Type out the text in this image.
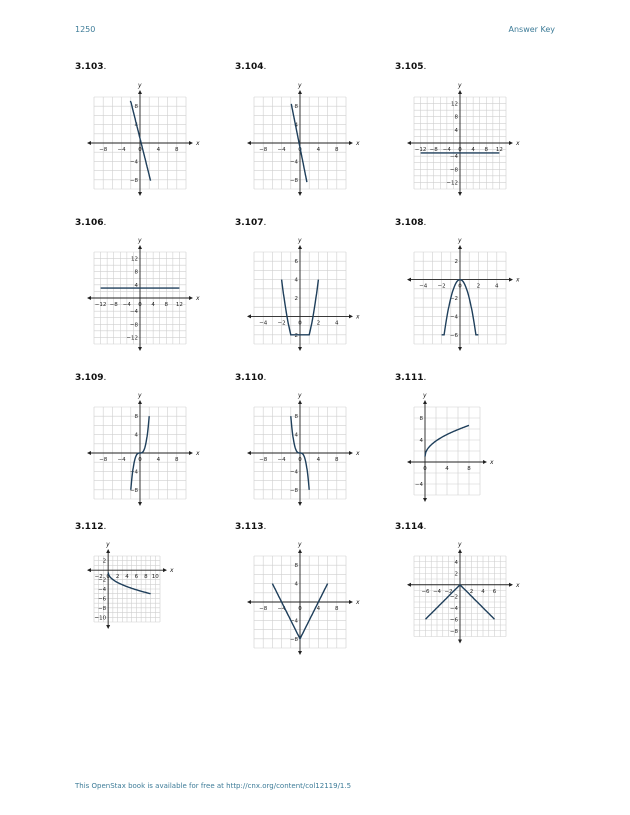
1250	Answer Key
3.103.	3.104.	3.105.
3.106.	3.107.	3.108.
3.109.	3.110.	3.111.
3.112.	3.113.	3.114.
x
y
−8 −4 0	4	8
8
4
−4
−8
x
y
−8 −4 0	4	8
8
4
−4
−8
x
y
−12 −8 −4 0 4 8 12
12
8
4
−4
−8
−12
x
y
−12 −8 −4 0 4 8 12
12
8
4
−4
−8
−12
x
y
−4 −2 0	2	4
6
4
2
−2
x
y
−4 −2 0	2	4
2
−2
−4
−6
x
y
−8 −4 0	4	8
8
4
−4
−8
x
y
−8 −4 0	4	8
8
4
−4
−8
x
y
0	4	8
8
4
−4
x
y
−2 0 2 4 6 8 10
2
−2
−4
−6
−8
−10
x
y
−8 −4 0	4	8
8
4
−4
−8
x
y
−6 −4 −2	2 4 6
4
2
−2
−4
−6
−8
This OpenStax book is available for free at http://cnx.org/content/col12119/1.5
